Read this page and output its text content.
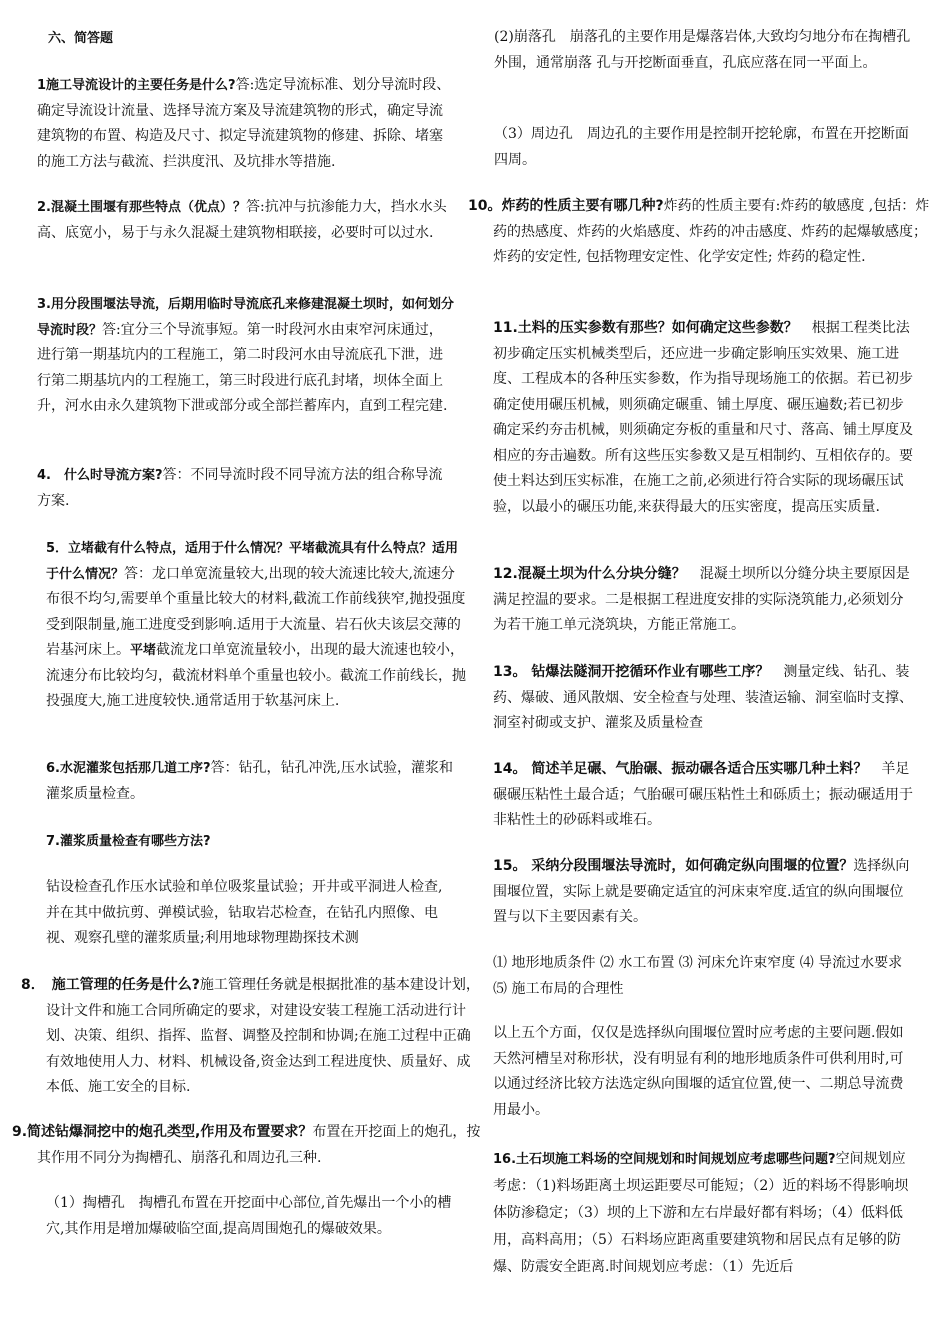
六、简答题

1施工导流设计的主要任务是什么?答:选定导流标准、划分导流时段、确定导流设计流量、选择导流方案及导流建筑物的形式，确定导流建筑物的布置、构造及尺寸、拟定导流建筑物的修建、拆除、堵塞的施工方法与截流、拦洪度汛、及坑排水等措施.

2.混凝土围堰有那些特点（优点）？答:抗冲与抗渗能力大，挡水水头高、底宽小，易于与永久混凝土建筑物相联接，必要时可以过水.

3.用分段围堰法导流，后期用临时导流底孔来修建混凝土坝时，如何划分导流时段？答:宜分三个导流事短。第一时段河水由束窄河床通过，进行第一期基坑内的工程施工，第二时段河水由导流底孔下泄，进行第二期基坑内的工程施工，第三时段进行底孔封堵，坝体全面上升，河水由永久建筑物下泄或部分或全部拦蓄库内，直到工程完建.

4.　什么时导流方案?答：不同导流时段不同导流方法的组合称导流方案.

5．立堵截有什么特点，适用于什么情况？平堵截流具有什么特点？适用于什么情况？答：龙口单宽流量较大,出现的较大流速比较大,流速分布很不均匀,需要单个重量比较大的材料,截流工作前线狭窄,抛投强度受到限制量,施工进度受到影响.适用于大流量、岩石伙夫该层交薄的岩基河床上。平堵截流龙口单宽流量较小，出现的最大流速也较小，流速分布比较均匀，截流材料单个重量也较小。截流工作前线长，抛投强度大,施工进度较快.通常适用于软基河床上.

6.水泥灌浆包括那几道工序?答：钻孔，钻孔冲洗,压水试验，灌浆和灌浆质量检查。

7.灌浆质量检查有哪些方法?

钻设检查孔作压水试验和单位吸浆量试验；开井或平洞进人检查,并在其中做抗剪、弹模试验，钻取岩芯检查，在钻孔内照像、电视、观察孔壁的灌浆质量;利用地球物理勘探技术测

8．　施工管理的任务是什么?施工管理任务就是根据批准的基本建设计划，设计文件和施工合同所确定的要求，对建设安装工程施工活动进行计划、决策、组织、指挥、监督、调整及控制和协调;在施工过程中正确有效地使用人力、材料、机械设备,资金达到工程进度快、质量好、成本低、施工安全的目标.

9.简述钻爆洞挖中的炮孔类型,作用及布置要求？布置在开挖面上的炮孔，按其作用不同分为掏槽孔、崩落孔和周边孔三种.

（1）掏槽孔　掏槽孔布置在开挖面中心部位,首先爆出一个小的槽穴,其作用是增加爆破临空面,提高周围炮孔的爆破效果。

(2)崩落孔　崩落孔的主要作用是爆落岩体,大致均匀地分布在掏槽孔外围，通常崩落 孔与开挖断面垂直，孔底应落在同一平面上。

（3）周边孔　周边孔的主要作用是控制开挖轮廓，布置在开挖断面四周。

10。炸药的性质主要有哪几种?炸药的性质主要有:炸药的敏感度 ,包括：炸药的热感度、炸药的火焰感度、炸药的冲击感度、炸药的起爆敏感度；炸药的安定性, 包括物理安定性、化学安定性; 炸药的稳定性.

11.土料的压实参数有那些？如何确定这些参数？　根据工程类比法初步确定压实机械类型后，还应进一步确定影响压实效果、施工进度、工程成本的各种压实参数，作为指导现场施工的依据。若已初步确定使用碾压机械，则须确定碾重、铺土厚度、碾压遍数;若已初步确定采约夯击机械，则须确定夯板的重量和尺寸、落高、铺土厚度及相应的夯击遍数。所有这些压实参数又是互相制约、互相依存的。要使土料达到压实标准，在施工之前,必须进行符合实际的现场碾压试验，以最小的碾压功能,来获得最大的压实密度，提高压实质量.

12.混凝土坝为什么分块分缝？　混凝土坝所以分缝分块主要原因是满足控温的要求。二是根据工程进度安排的实际浇筑能力,必须划分为若干施工单元浇筑块，方能正常施工。

13。 钻爆法隧洞开挖循环作业有哪些工序？　测量定线、钻孔、装药、爆破、通风散烟、安全检查与处理、装渣运输、洞室临时支撑、洞室衬砌或支护、灌浆及质量检查

14。 简述羊足碾、气胎碾、振动碾各适合压实哪几种土料？　羊足碾碾压粘性土最合适；气胎碾可碾压粘性土和砾质土；振动碾适用于非粘性土的砂砾料或堆石。

15。 采纳分段围堰法导流时，如何确定纵向围堰的位置？选择纵向围堰位置，实际上就是要确定适宜的河床束窄度.适宜的纵向围堰位置与以下主要因素有关。

⑴ 地形地质条件 ⑵ 水工布置 ⑶ 河床允许束窄度 ⑷ 导流过水要求 ⑸ 施工布局的合理性

以上五个方面，仅仅是选择纵向围堰位置时应考虑的主要问题.假如天然河槽呈对称形状，没有明显有利的地形地质条件可供利用时,可以通过经济比较方法选定纵向围堰的适宜位置,使一、二期总导流费用最小。

16.土石坝施工料场的空间规划和时间规划应考虑哪些问题?空间规划应考虑：（1)料场距离土坝运距要尽可能短；（2）近的料场不得影响坝体防渗稳定；（3）坝的上下游和左右岸最好都有料场；（4）低料低用，高料高用；（5）石料场应距离重要建筑物和居民点有足够的防爆、防震安全距离.时间规划应考虑：（1）先近后
